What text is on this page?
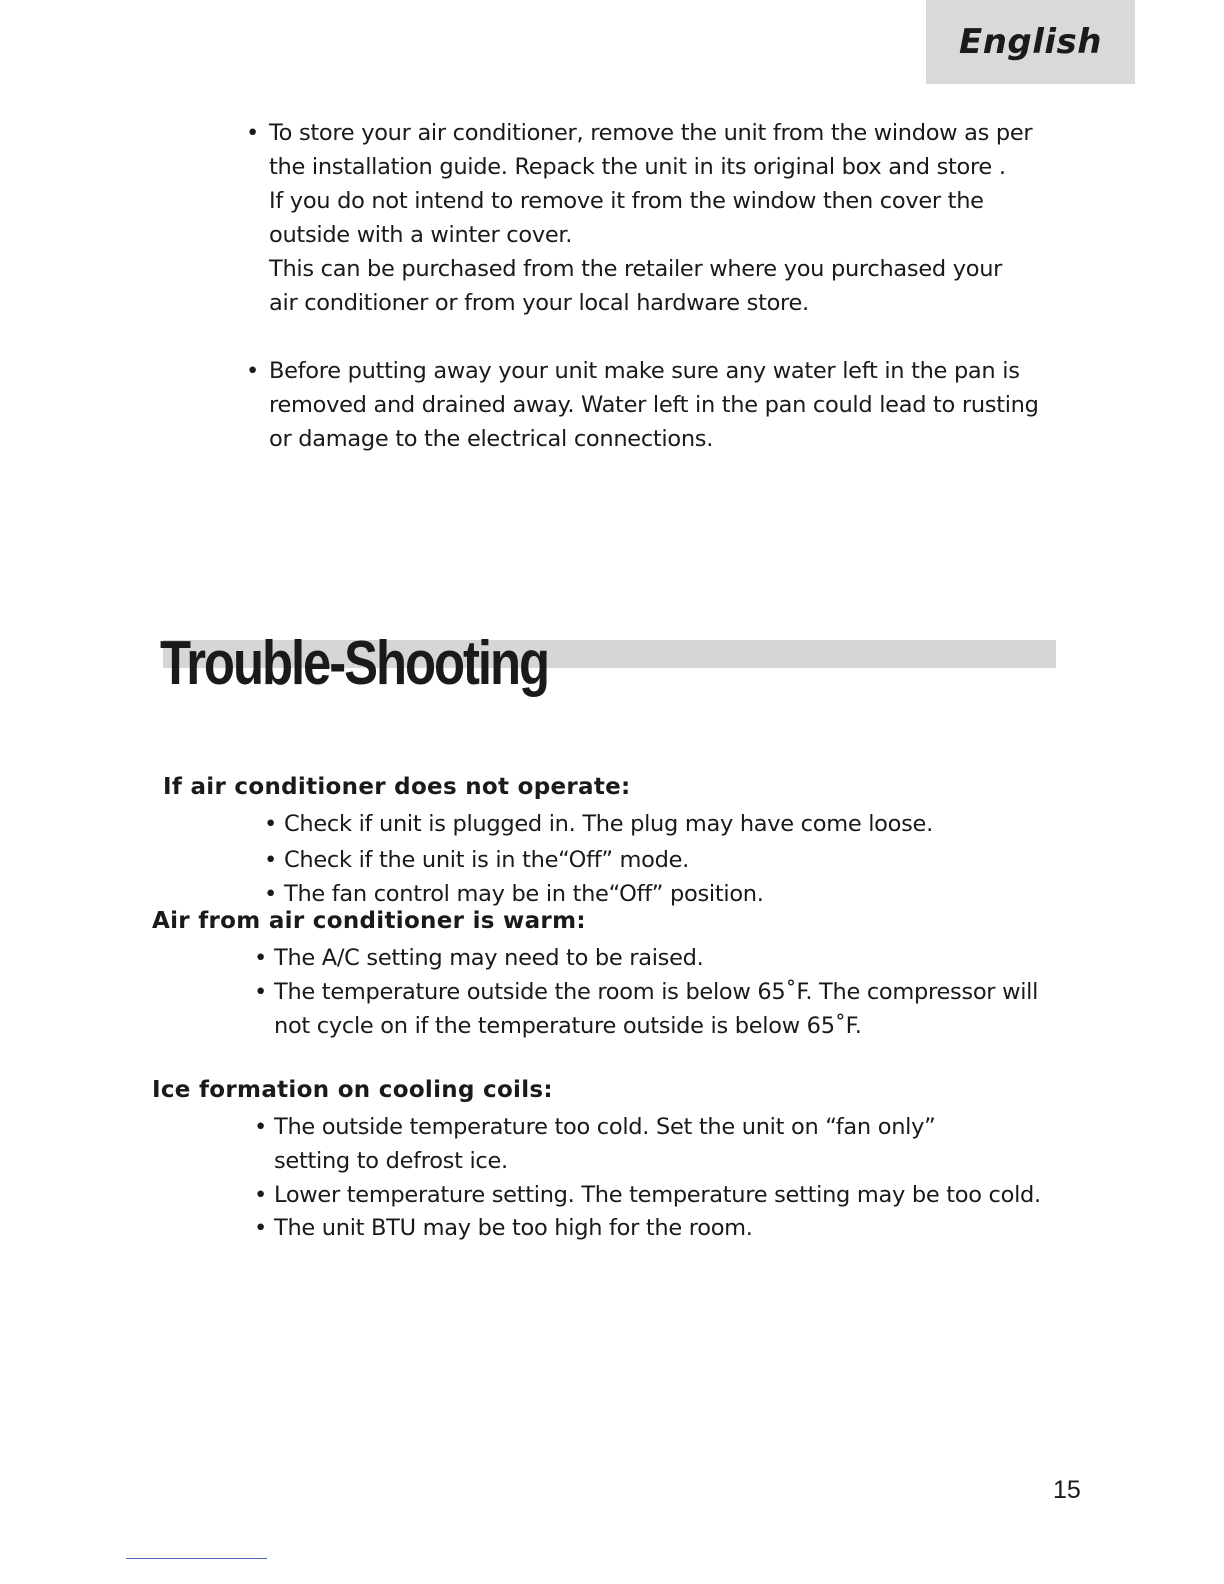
English
• To store your air conditioner, remove the unit from the window as per
the installation guide. Repack the unit in its original box and store .
If you do not intend to remove it from the window then cover the
outside with a winter cover.
This can be purchased from the retailer where you purchased your
air conditioner or from your local hardware store.
• Before putting away your unit make sure any water left in the pan is
removed and drained away. Water left in the pan could lead to rusting
or damage to the electrical connections.
Trouble-Shooting
If air conditioner does not operate:
• Check if unit is plugged in. The plug may have come loose.
• Check if the unit is in the“Off” mode.
• The fan control may be in the“Off” position.
Air from air conditioner is warm:
• The A/C setting may need to be raised.
• The temperature outside the room is below 65˚F. The compressor will
not cycle on if the temperature outside is below 65˚F.
Ice formation on cooling coils:
• The outside temperature too cold. Set the unit on “fan only”
setting to defrost ice.
• Lower temperature setting. The temperature setting may be too cold.
• The unit BTU may be too high for the room.
15
